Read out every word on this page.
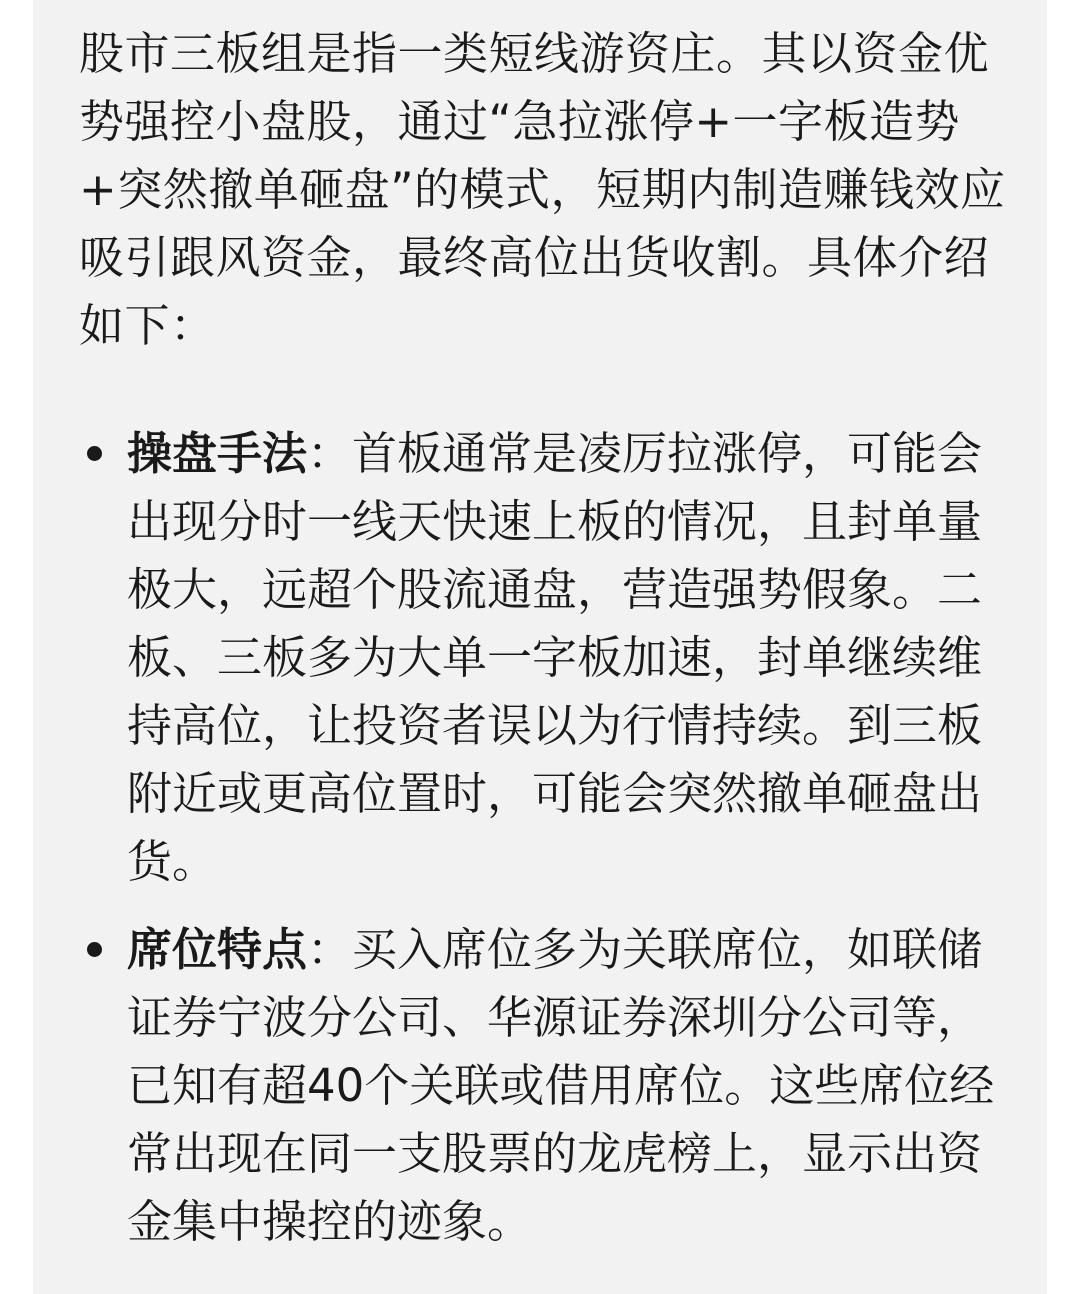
股市三板组是指一类短线游资庄。其以资金优势强控小盘股，通过“急拉涨停+一字板造势+突然撤单砸盘”的模式，短期内制造赚钱效应吸引跟风资金，最终高位出货收割。具体介绍如下：

操盘手法：首板通常是凌厉拉涨停，可能会出现分时一线天快速上板的情况，且封单量极大，远超个股流通盘，营造强势假象。二板、三板多为大单一字板加速，封单继续维持高位，让投资者误以为行情持续。到三板附近或更高位置时，可能会突然撤单砸盘出货。
席位特点：买入席位多为关联席位，如联储证券宁波分公司、华源证券深圳分公司等，已知有超40个关联或借用席位。这些席位经常出现在同一支股票的龙虎榜上，显示出资金集中操控的迹象。
